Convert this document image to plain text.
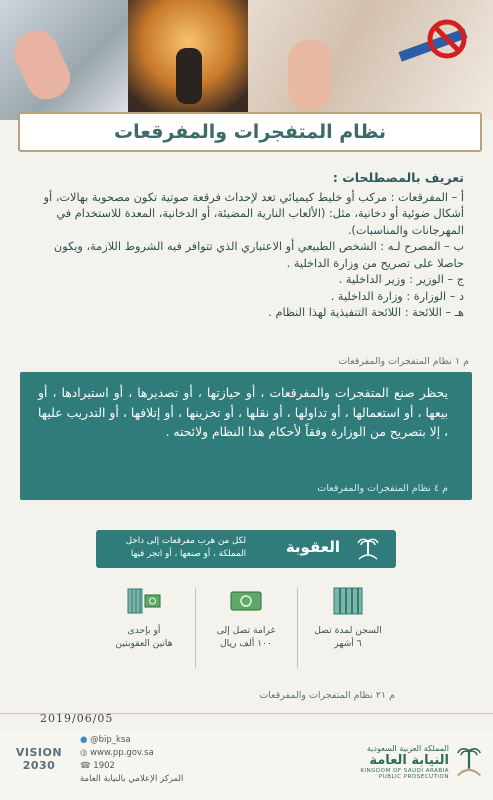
نظام المتفجرات والمفرقعات
تعريف بالمصطلحات :

أ – المفرقعات : مركب أو خليط كيميائي تعد لإحداث فرقعة صوتية تكون مصحوبة بهالات، أو أشكال ضوئية أو دخانية، مثل: (الألعاب النارية المضيئة، أو الدخانية، المعدة للاستخدام في المهرجانات والمناسبات).

ب – المصرح لـه : الشخص الطبيعي أو الاعتباري الذي تتوافر فيه الشروط اللازمة، ويكون حاصلا على تصريح من وزارة الداخلية .

ج – الوزير : وزير الداخلية .

د – الوزارة : وزارة الداخلية .

هـ – اللائحة : اللائحة التنفيذية لهذا النظام .

م ١ نظام المتفجرات والمفرقعات
يحظر صنع المتفجرات والمفرقعات ، أو حيازتها ، أو تصديرها ، أو استيرادها ، أو بيعها ، أو استعمالها ، أو تداولها ، أو نقلها ، أو تخزينها ، أو إتلافها ، أو التدريب عليها ، إلا بتصريح من الوزارة وفقاً لأحكام هذا النظام ولائحته .
م ٤ نظام المتفجرات والمفرقعات
العقوبة
لكل من هرب مفرقعات إلى داخل المملكة ، أو صنعها ، أو اتجر فيها
أو بإحدى
هاتين العقوبتين
غرامة تصل إلى
١٠٠ ألف ريال
السجن لمدة تصل
٦ أشهر
م ٢١ نظام المتفجرات والمفرقعات
2019/06/05
VISION 2030
● @bip_ksa
◍ www.pp.gov.sa
☎ 1902
المركز الإعلامي بالنيابة العامة
المملكة العربية السعودية
النيابة العامة
KINGDOM OF SAUDI ARABIA
PUBLIC PROSECUTION
